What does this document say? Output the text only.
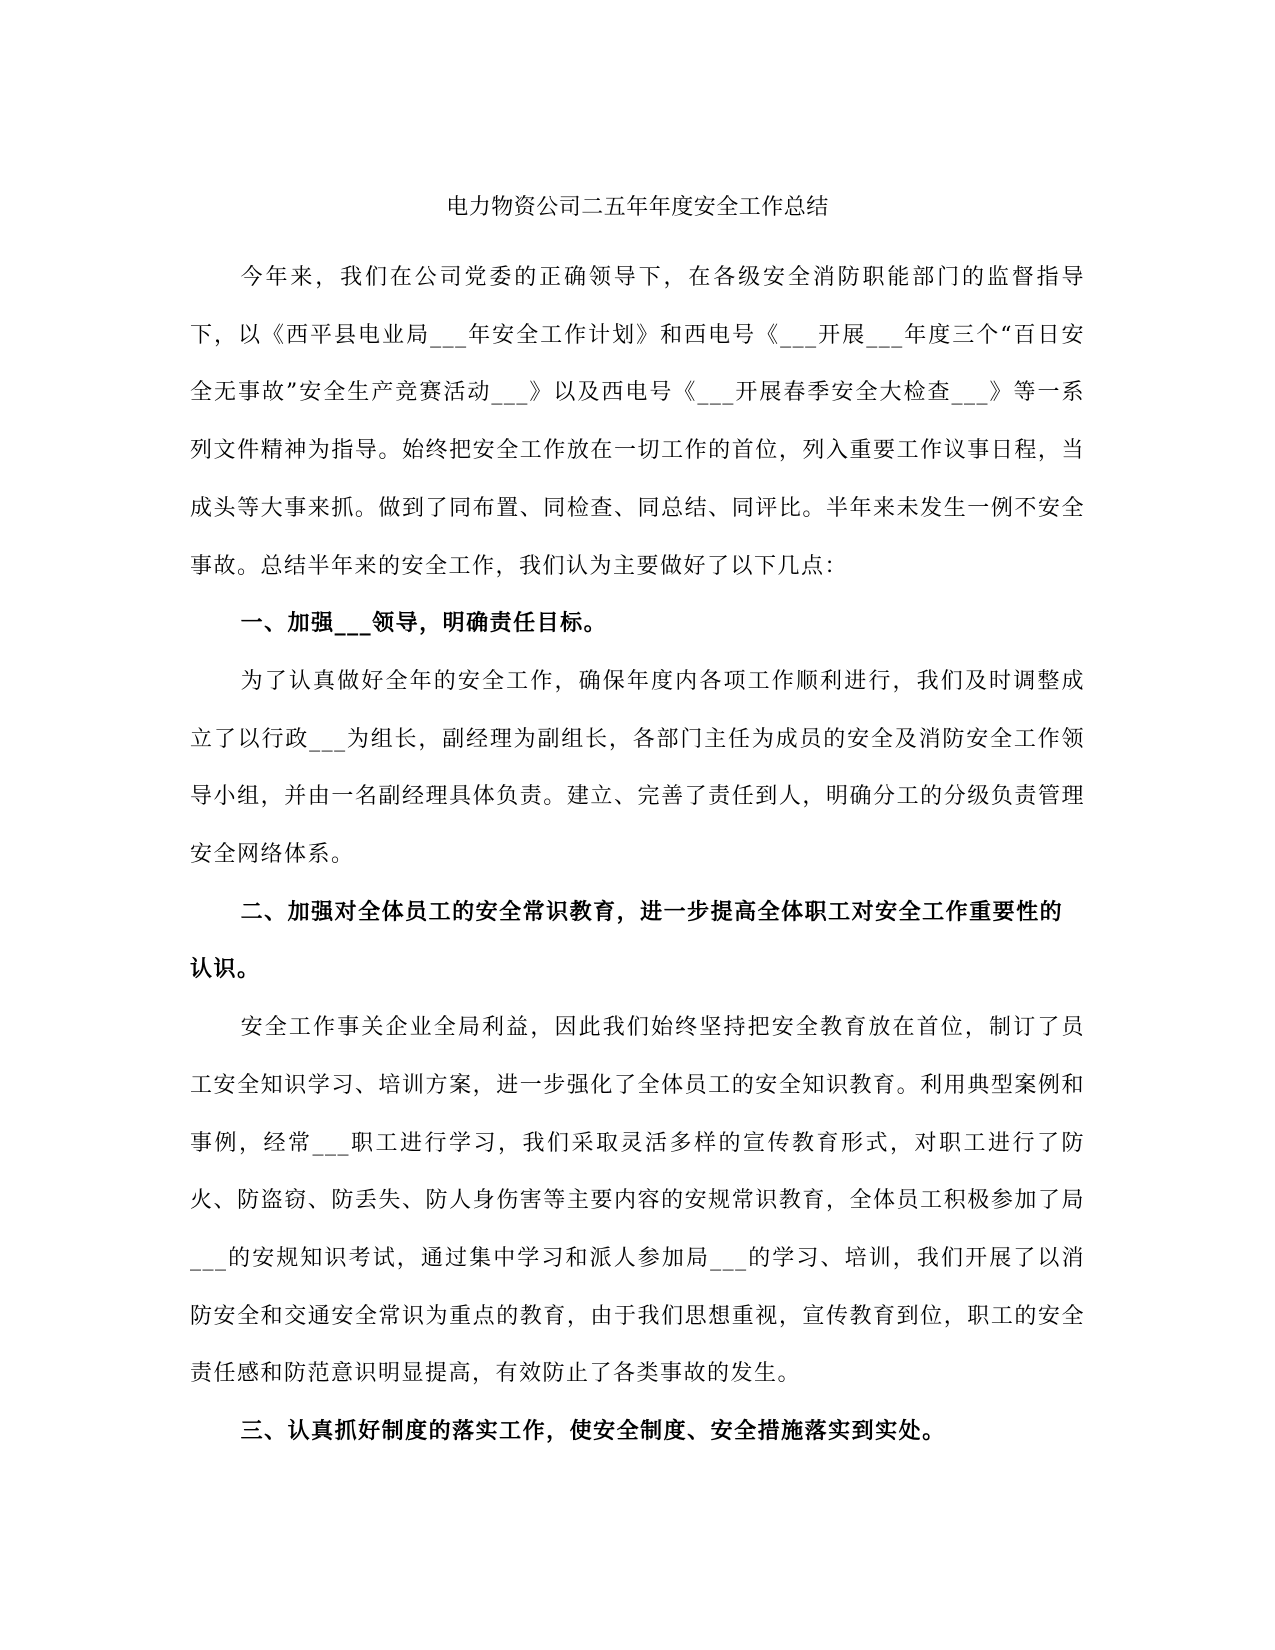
电力物资公司二五年年度安全工作总结

今年来，我们在公司党委的正确领导下，在各级安全消防职能部门的监督指导下，以《西平县电业局___年安全工作计划》和西电号《___开展___年度三个“百日安全无事故”安全生产竞赛活动___》以及西电号《___开展春季安全大检查___》等一系列文件精神为指导。始终把安全工作放在一切工作的首位，列入重要工作议事日程，当成头等大事来抓。做到了同布置、同检查、同总结、同评比。半年来未发生一例不安全事故。总结半年来的安全工作，我们认为主要做好了以下几点：

一、加强___领导，明确责任目标。

为了认真做好全年的安全工作，确保年度内各项工作顺利进行，我们及时调整成立了以行政___为组长，副经理为副组长，各部门主任为成员的安全及消防安全工作领导小组，并由一名副经理具体负责。建立、完善了责任到人，明确分工的分级负责管理安全网络体系。

二、加强对全体员工的安全常识教育，进一步提高全体职工对安全工作重要性的认识。

安全工作事关企业全局利益，因此我们始终坚持把安全教育放在首位，制订了员工安全知识学习、培训方案，进一步强化了全体员工的安全知识教育。利用典型案例和事例，经常___职工进行学习，我们采取灵活多样的宣传教育形式，对职工进行了防火、防盗窃、防丢失、防人身伤害等主要内容的安规常识教育，全体员工积极参加了局___的安规知识考试，通过集中学习和派人参加局___的学习、培训，我们开展了以消防安全和交通安全常识为重点的教育，由于我们思想重视，宣传教育到位，职工的安全责任感和防范意识明显提高，有效防止了各类事故的发生。

三、认真抓好制度的落实工作，使安全制度、安全措施落实到实处。
